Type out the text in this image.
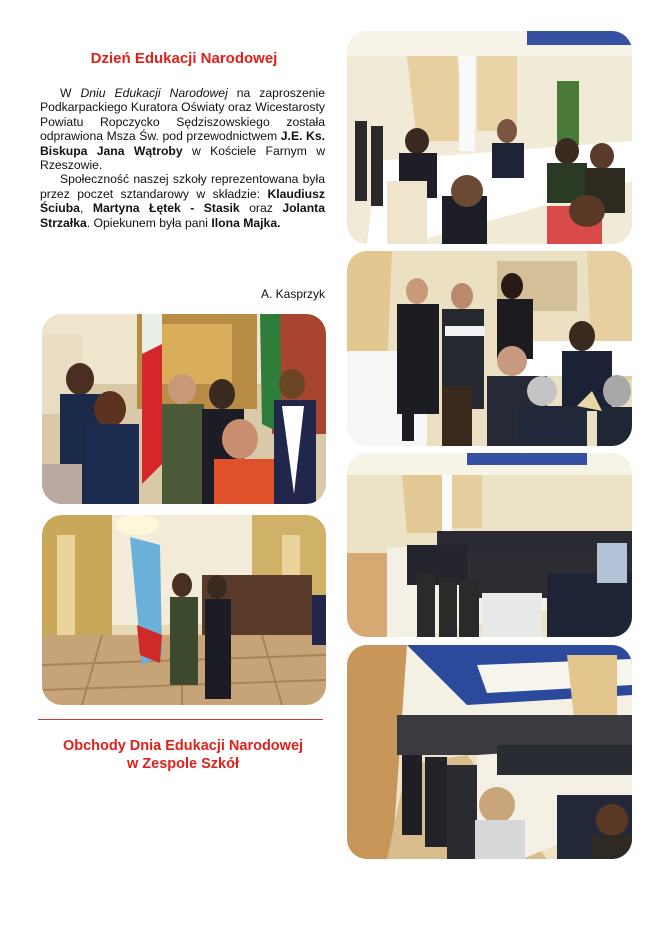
Dzień Edukacji Narodowej

W Dniu Edukacji Narodowej na zaproszenie Podkarpackiego Kuratora Oświaty oraz Wicestarosty Powiatu Ropczycko Sędziszowskiego została odprawiona Msza Św. pod przewodnictwem J.E. Ks. Biskupa Jana Wątroby w Kościele Farnym w Rzeszowie.

Społeczność naszej szkoły reprezentowana była przez poczet sztandarowy w składzie: Klaudiusz Ściuba, Martyna Łętek - Stasik oraz Jolanta Strzałka. Opiekunem była pani Ilona Majka.

A. Kasprzyk
Obchody Dnia Edukacji Narodowej
w Zespole Szkół
